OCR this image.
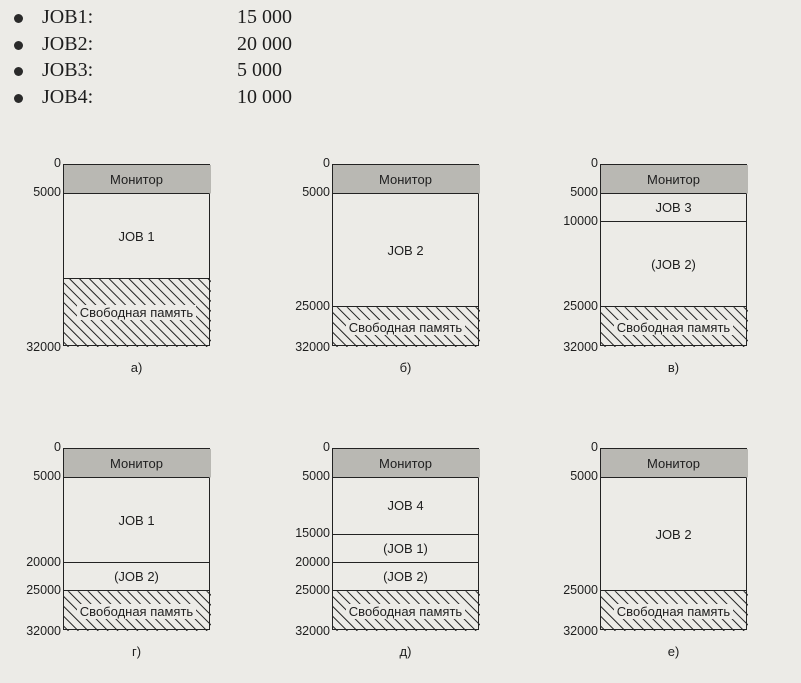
JOB1:	15 000
JOB2:	20 000
JOB3:	5 000
JOB4:	10 000
Монитор
JOB 1
Свободная память
0
5000
32000
а)
Монитор
JOB 2
Свободная память
0
5000
25000
32000
б)
Монитор
JOB 3
(JOB 2)
Свободная память
0
5000
10000
25000
32000
в)
Монитор
JOB 1
(JOB 2)
Свободная память
0
5000
20000
25000
32000
г)
Монитор
JOB 4
(JOB 1)
(JOB 2)
Свободная память
0
5000
15000
20000
25000
32000
д)
Монитор
JOB 2
Свободная память
0
5000
25000
32000
е)
